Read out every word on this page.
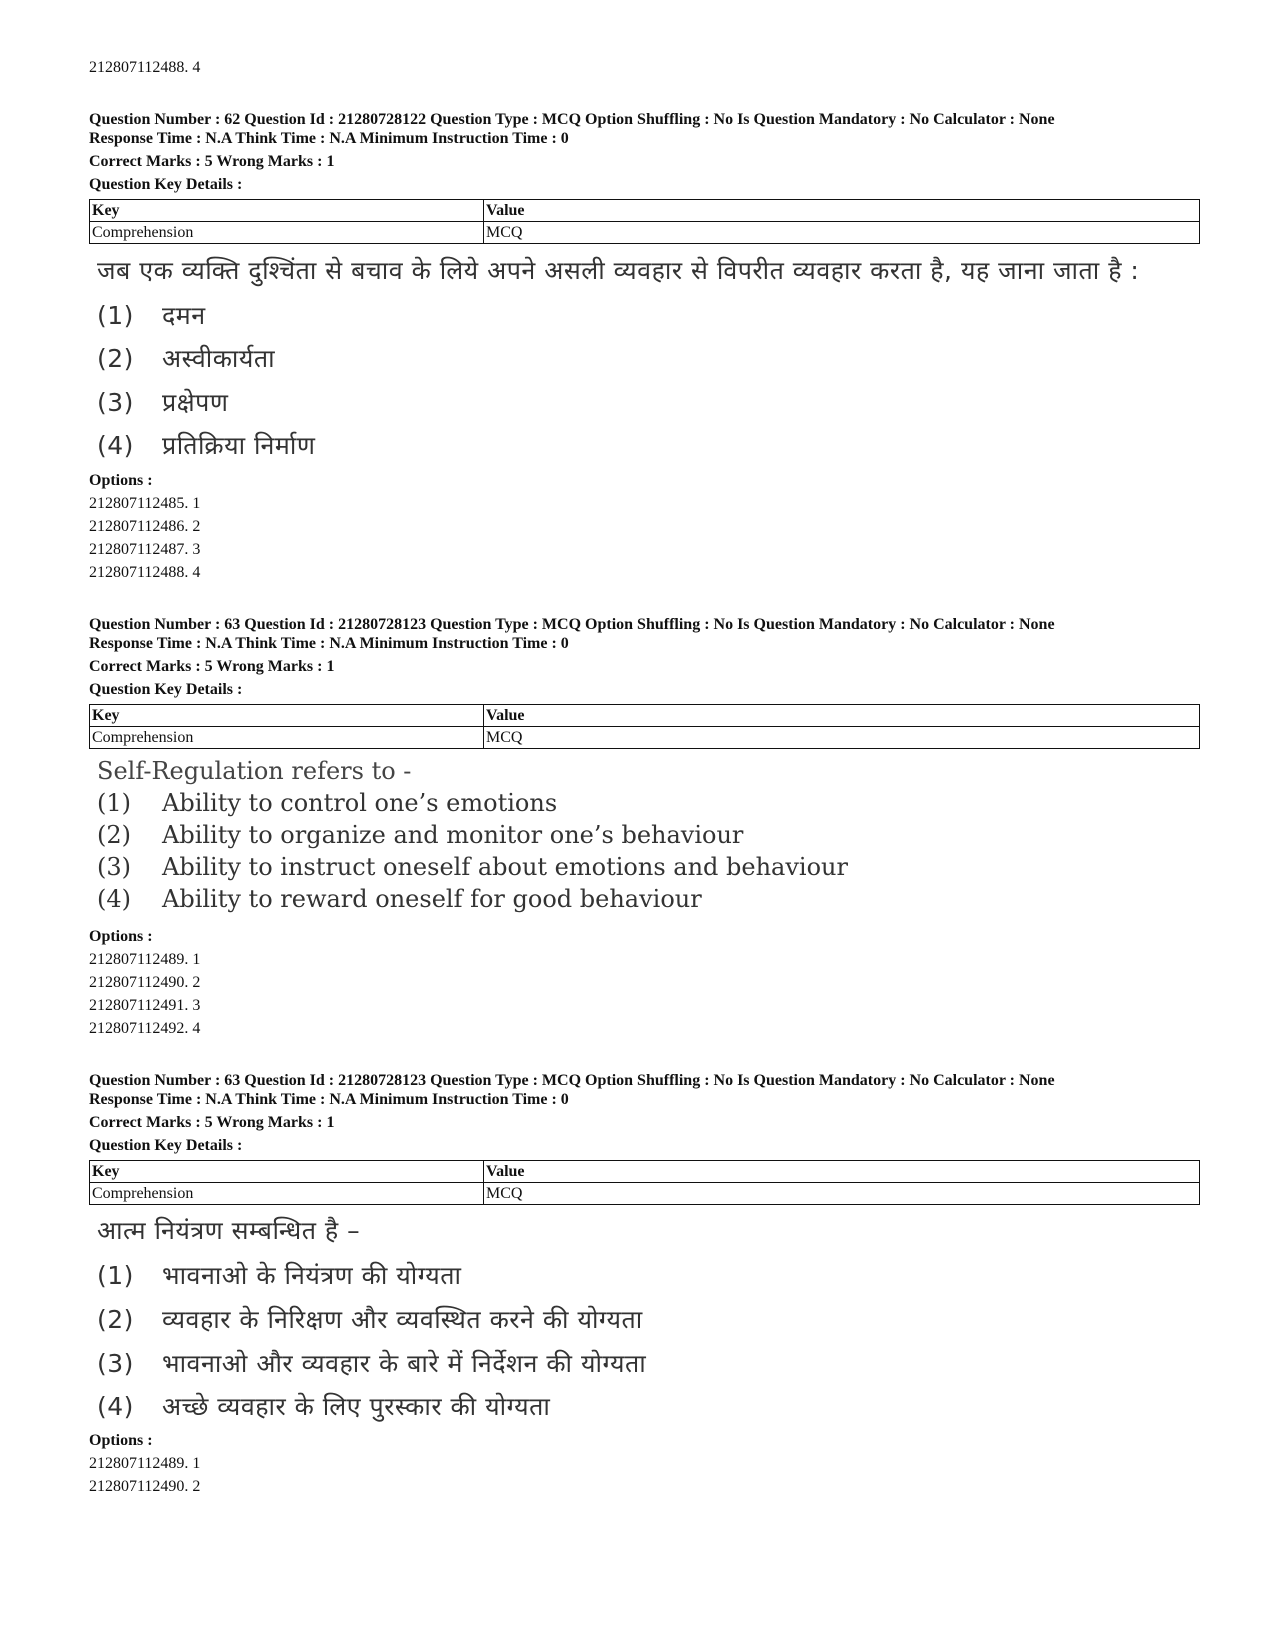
212807112488. 4
Question Number : 62 Question Id : 21280728122 Question Type : MCQ Option Shuffling : No Is Question Mandatory : No Calculator : None
Response Time : N.A Think Time : N.A Minimum Instruction Time : 0
Correct Marks : 5 Wrong Marks : 1
Question Key Details :
Key	Value
Comprehension	MCQ
जब एक व्यक्ति दुश्चिंता से बचाव के लिये अपने असली व्यवहार से विपरीत व्यवहार करता है, यह जाना जाता है :
(1) दमन
(2) अस्वीकार्यता
(3) प्रक्षेपण
(4) प्रतिक्रिया निर्माण
Options :
212807112485. 1
212807112486. 2
212807112487. 3
212807112488. 4
Question Number : 63 Question Id : 21280728123 Question Type : MCQ Option Shuffling : No Is Question Mandatory : No Calculator : None
Response Time : N.A Think Time : N.A Minimum Instruction Time : 0
Correct Marks : 5 Wrong Marks : 1
Question Key Details :
Key	Value
Comprehension	MCQ
Self-Regulation refers to -
(1) Ability to control one’s emotions
(2) Ability to organize and monitor one’s behaviour
(3) Ability to instruct oneself about emotions and behaviour
(4) Ability to reward oneself for good behaviour
Options :
212807112489. 1
212807112490. 2
212807112491. 3
212807112492. 4
Question Number : 63 Question Id : 21280728123 Question Type : MCQ Option Shuffling : No Is Question Mandatory : No Calculator : None
Response Time : N.A Think Time : N.A Minimum Instruction Time : 0
Correct Marks : 5 Wrong Marks : 1
Question Key Details :
Key	Value
Comprehension	MCQ
आत्म नियंत्रण सम्बन्धित है –
(1) भावनाओ के नियंत्रण की योग्यता
(2) व्यवहार के निरिक्षण और व्यवस्थित करने की योग्यता
(3) भावनाओ और व्यवहार के बारे में निर्देशन की योग्यता
(4) अच्छे व्यवहार के लिए पुरस्कार की योग्यता
Options :
212807112489. 1
212807112490. 2
